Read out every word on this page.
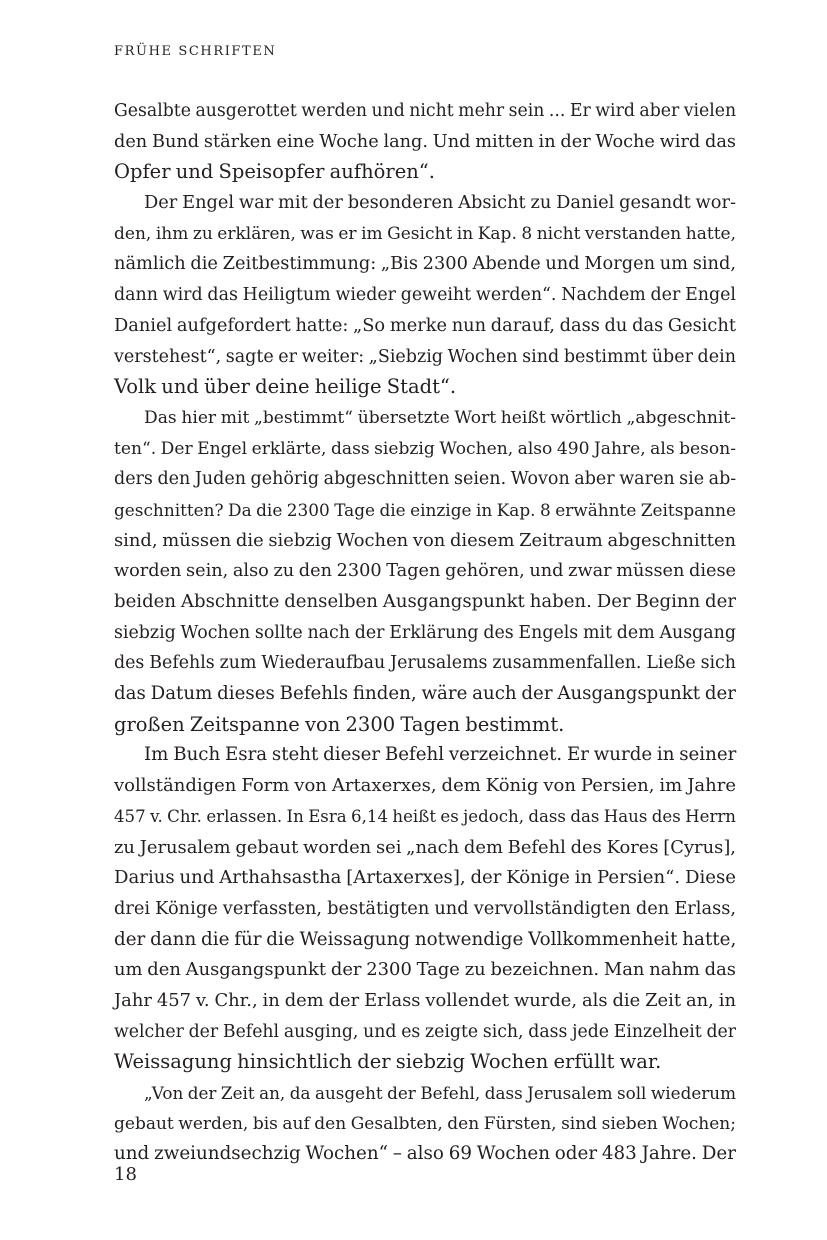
FRÜHE SCHRIFTEN
Gesalbte ausgerottet werden und nicht mehr sein ... Er wird aber vielen
den Bund stärken eine Woche lang. Und mitten in der Woche wird das
Opfer und Speisopfer aufhören“.
Der Engel war mit der besonderen Absicht zu Daniel gesandt wor-
den, ihm zu erklären, was er im Gesicht in Kap. 8 nicht verstanden hatte,
nämlich die Zeitbestimmung: „Bis 2300 Abende und Morgen um sind,
dann wird das Heiligtum wieder geweiht werden“. Nachdem der Engel
Daniel aufgefordert hatte: „So merke nun darauf, dass du das Gesicht
verstehest“, sagte er weiter: „Siebzig Wochen sind bestimmt über dein
Volk und über deine heilige Stadt“.
Das hier mit „bestimmt“ übersetzte Wort heißt wörtlich „abgeschnit-
ten“. Der Engel erklärte, dass siebzig Wochen, also 490 Jahre, als beson-
ders den Juden gehörig abgeschnitten seien. Wovon aber waren sie ab-
geschnitten? Da die 2300 Tage die einzige in Kap. 8 erwähnte Zeitspanne
sind, müssen die siebzig Wochen von diesem Zeitraum abgeschnitten
worden sein, also zu den 2300 Tagen gehören, und zwar müssen diese
beiden Abschnitte denselben Ausgangspunkt haben. Der Beginn der
siebzig Wochen sollte nach der Erklärung des Engels mit dem Ausgang
des Befehls zum Wiederaufbau Jerusalems zusammenfallen. Ließe sich
das Datum dieses Befehls finden, wäre auch der Ausgangspunkt der
großen Zeitspanne von 2300 Tagen bestimmt.
Im Buch Esra steht dieser Befehl verzeichnet. Er wurde in seiner
vollständigen Form von Artaxerxes, dem König von Persien, im Jahre
457 v. Chr. erlassen. In Esra 6,14 heißt es jedoch, dass das Haus des Herrn
zu Jerusalem gebaut worden sei „nach dem Befehl des Kores [Cyrus],
Darius und Arthahsastha [Artaxerxes], der Könige in Persien“. Diese
drei Könige verfassten, bestätigten und vervollständigten den Erlass,
der dann die für die Weissagung notwendige Vollkommenheit hatte,
um den Ausgangspunkt der 2300 Tage zu bezeichnen. Man nahm das
Jahr 457 v. Chr., in dem der Erlass vollendet wurde, als die Zeit an, in
welcher der Befehl ausging, und es zeigte sich, dass jede Einzelheit der
Weissagung hinsichtlich der siebzig Wochen erfüllt war.
„Von der Zeit an, da ausgeht der Befehl, dass Jerusalem soll wiederum
gebaut werden, bis auf den Gesalbten, den Fürsten, sind sieben Wochen;
und zweiundsechzig Wochen“ – also 69 Wochen oder 483 Jahre. Der
18
